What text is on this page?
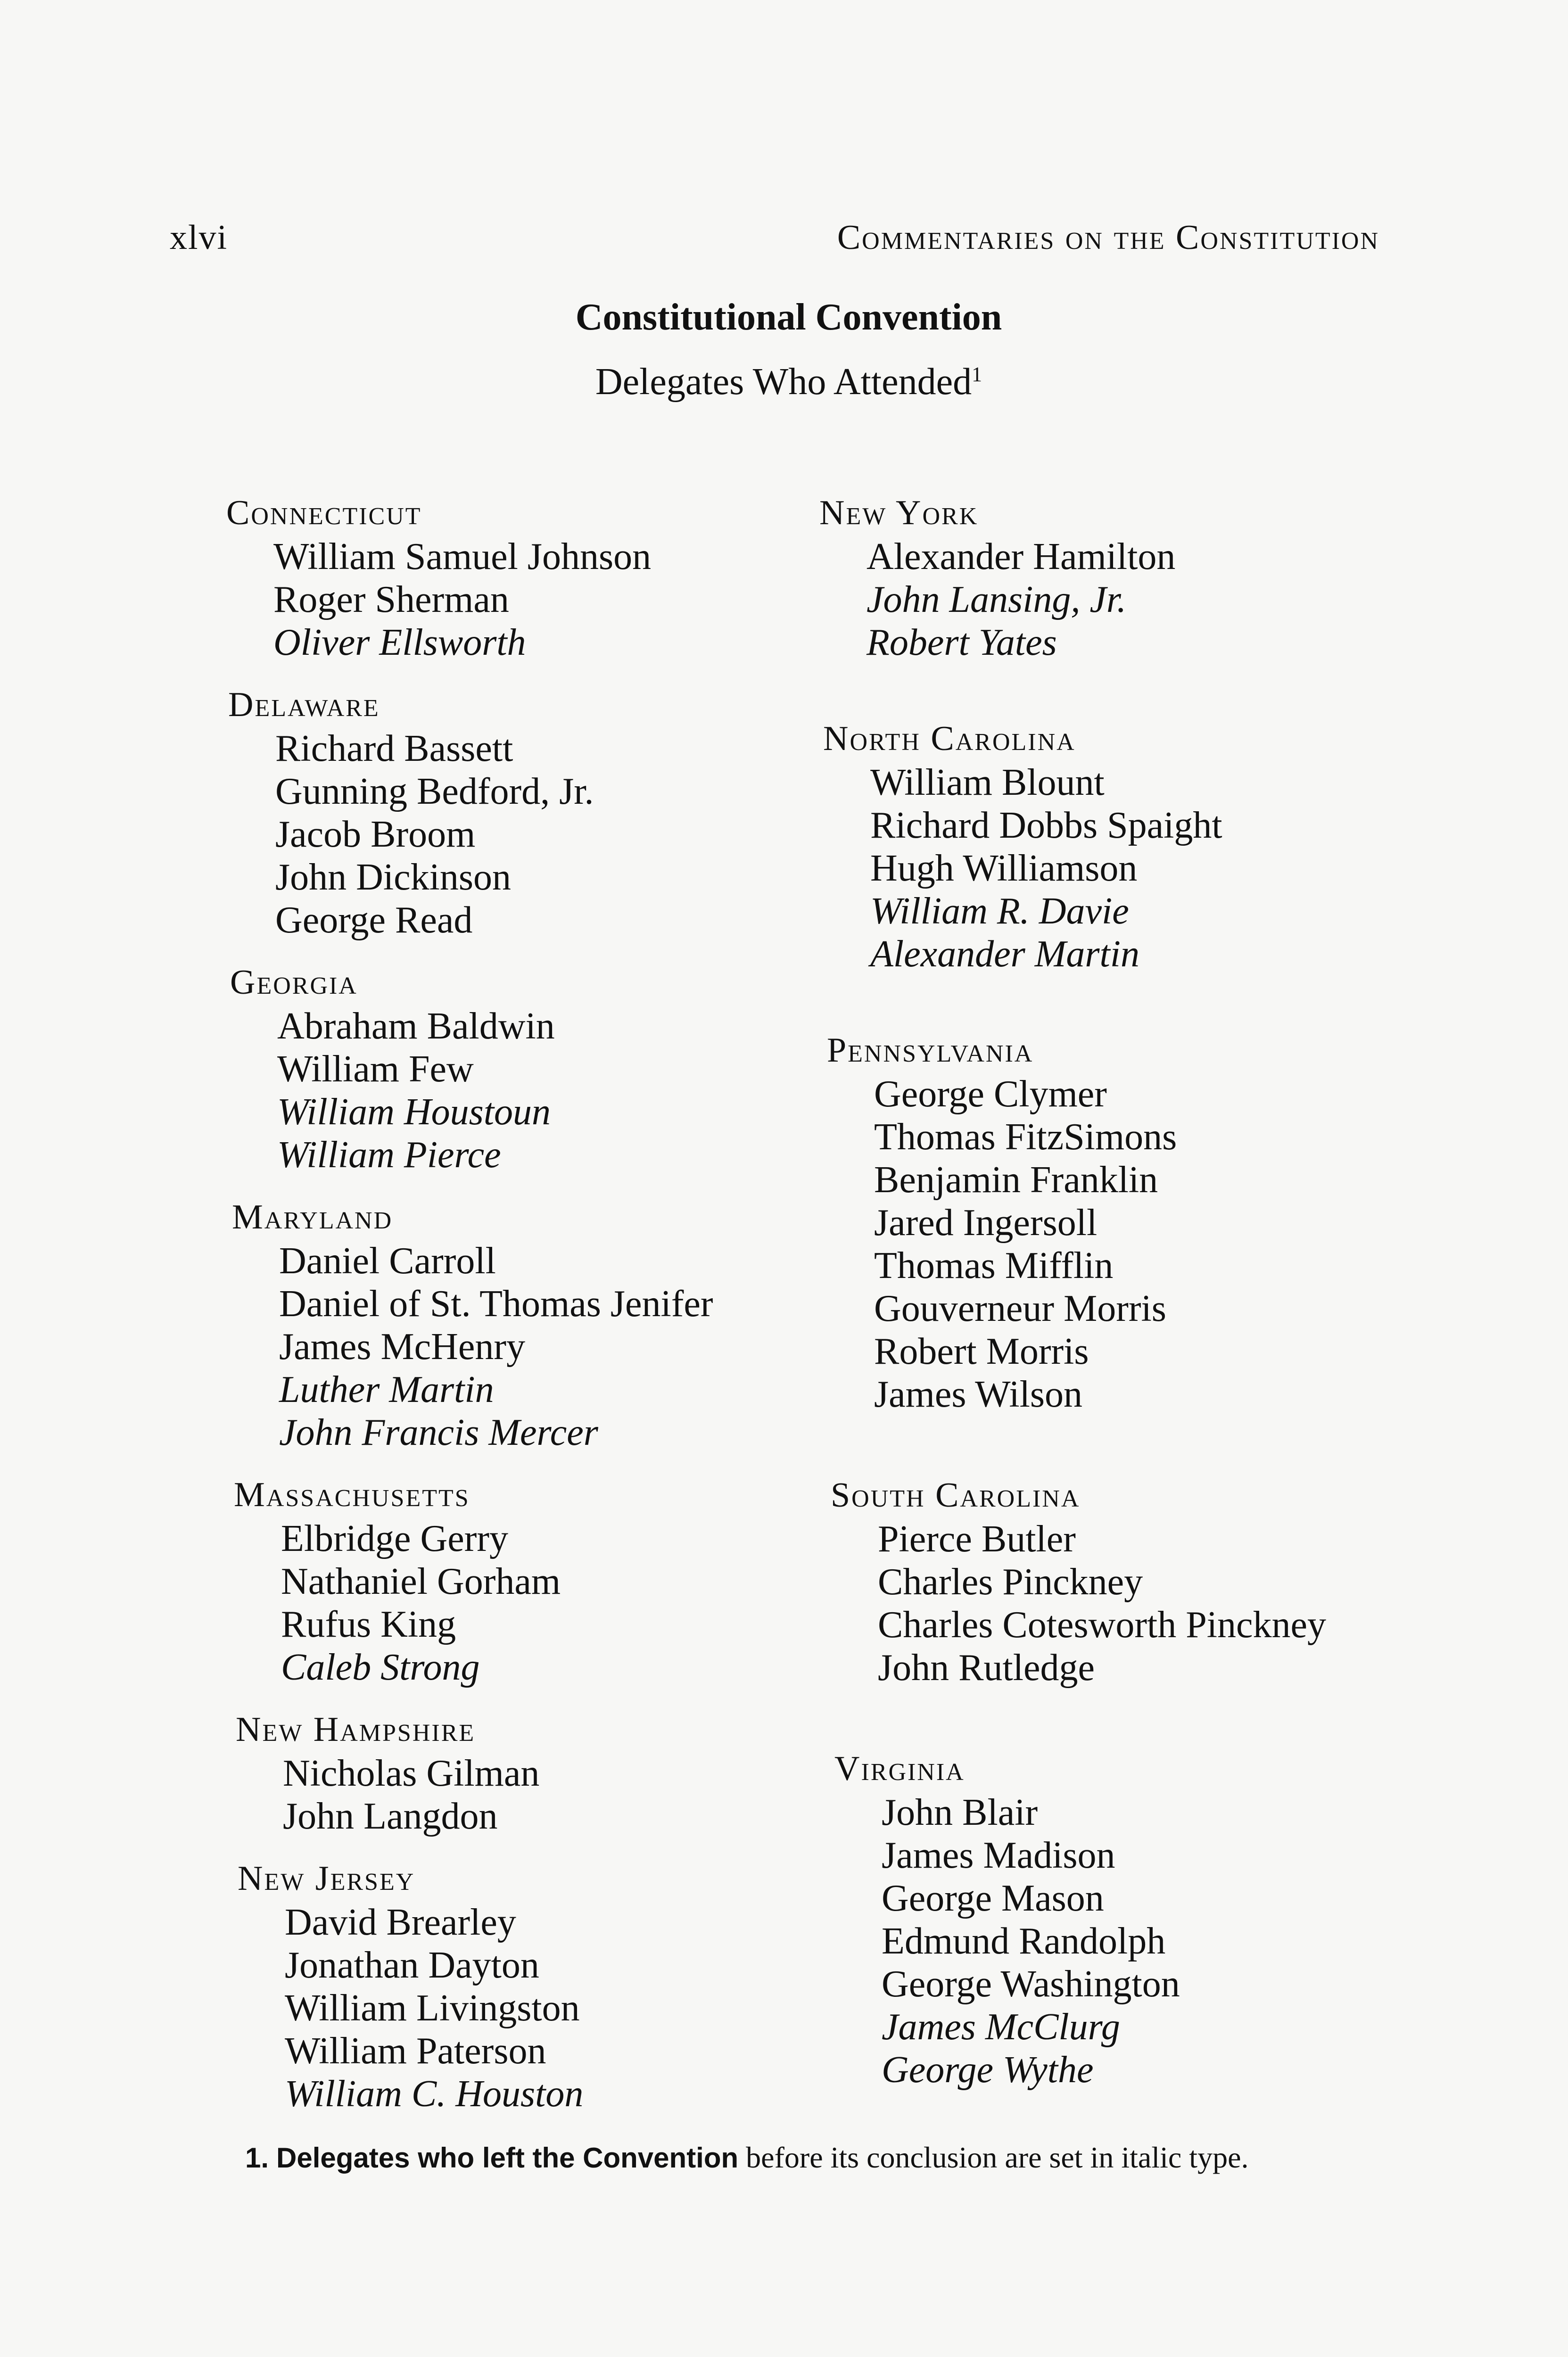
xlvi	Commentaries on the Constitution
Constitutional Convention
Delegates Who Attended$^1$
Connecticut
William Samuel Johnson
Roger Sherman
Oliver Ellsworth
Delaware
Richard Bassett
Gunning Bedford, Jr.
Jacob Broom
John Dickinson
George Read
Georgia
Abraham Baldwin
William Few
William Houstoun
William Pierce
Maryland
Daniel Carroll
Daniel of St. Thomas Jenifer
James McHenry
Luther Martin
John Francis Mercer
Massachusetts
Elbridge Gerry
Nathaniel Gorham
Rufus King
Caleb Strong
New Hampshire
Nicholas Gilman
John Langdon
New Jersey
David Brearley
Jonathan Dayton
William Livingston
William Paterson
William C. Houston
New York
Alexander Hamilton
John Lansing, Jr.
Robert Yates
North Carolina
William Blount
Richard Dobbs Spaight
Hugh Williamson
William R. Davie
Alexander Martin
Pennsylvania
George Clymer
Thomas FitzSimons
Benjamin Franklin
Jared Ingersoll
Thomas Mifflin
Gouverneur Morris
Robert Morris
James Wilson
South Carolina
Pierce Butler
Charles Pinckney
Charles Cotesworth Pinckney
John Rutledge
Virginia
John Blair
James Madison
George Mason
Edmund Randolph
George Washington
James McClurg
George Wythe
1. Delegates who left the Convention before its conclusion are set in italic type.
